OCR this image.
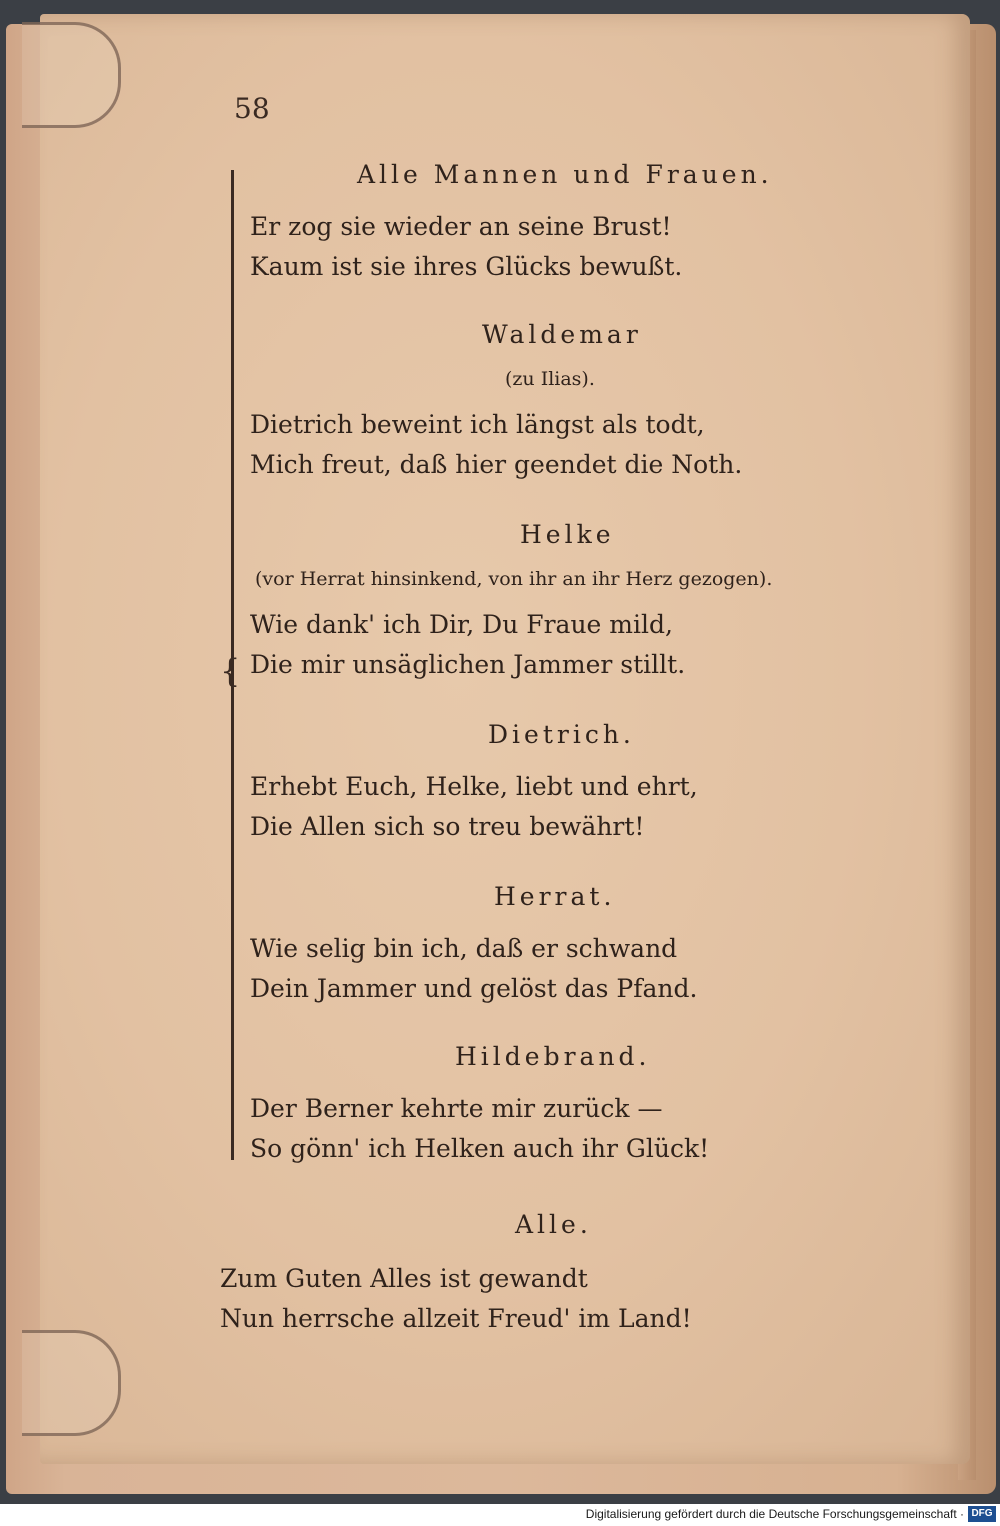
58
{
Alle Mannen und Frauen.
Er zog sie wieder an seine Brust!
Kaum ist sie ihres Glücks bewußt.
Waldemar
(zu Ilias).
Dietrich beweint ich längst als todt,
Mich freut, daß hier geendet die Noth.
Helke
(vor Herrat hinsinkend, von ihr an ihr Herz gezogen).
Wie dank' ich Dir, Du Fraue mild,
Die mir unsäglichen Jammer stillt.
Dietrich.
Erhebt Euch, Helke, liebt und ehrt,
Die Allen sich so treu bewährt!
Herrat.
Wie selig bin ich, daß er schwand
Dein Jammer und gelöst das Pfand.
Hildebrand.
Der Berner kehrte mir zurück —
So gönn' ich Helken auch ihr Glück!
Alle.
Zum Guten Alles ist gewandt
Nun herrsche allzeit Freud' im Land!
Digitalisierung gefördert durch die Deutsche Forschungsgemeinschaft · DFG
